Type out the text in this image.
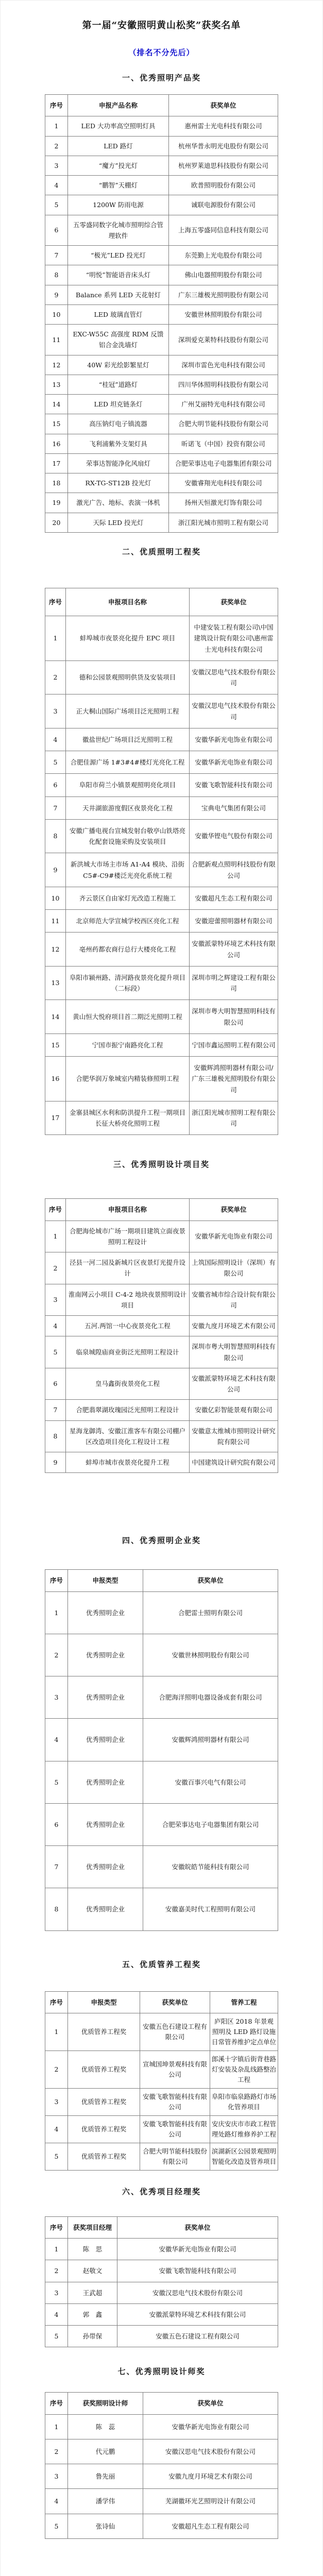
第一届“安徽照明黄山松奖”获奖名单

（排名不分先后）

一、优秀照明产品奖
序号	申报产品名称	获奖单位
1	LED 大功率高空照明灯具	惠州雷士光电科技有限公司
2	LED 路灯	杭州华普永明光电股份有限公司
3	“魔方”投光灯	杭州罗莱迪思科技股份有限公司
4	“鹏智”天棚灯	欧普照明股份有限公司
5	1200W 防雨电源	诚联电源股份有限公司
6	五零盛同数字化城市照明综合管理软件	上海五零盛同信息科技有限公司
7	“极光”LED 投光灯	东莞勤上光电股份有限公司
8	“明悦”智能语音床头灯	佛山电器照明股份有限公司
9	Balance 系列 LED 天花射灯	广东三雄极光照明股份有限公司
10	LED 玻璃直管灯	安徽世林照明股份有限公司
11	EXC-W55C 高强度 RDM 反馈铝合金洗墙灯	深圳爱克莱特科技股份有限公司
12	40W 彩光绘影繁星灯	深圳市雷色光电科技有限公司
13	“桂冠”道路灯	四川华体照明科技股份有限公司
14	LED 坦克链条灯	广州艾丽特光电科技有限公司
15	高压钠灯电子镇流器	合肥大明节能科技股份有限公司
16	飞利浦紫外支架灯具	昕诺飞（中国）投资有限公司
17	荣事达智能净化风扇灯	合肥荣事达电子电器集团有限公司
18	RX-TG-ST12B 投光灯	安徽睿翔光电科技有限公司
19	激光广告、地标、表演一体机	扬州天恒激光灯饰有限公司
20	天际 LED 投光灯	浙江阳光城市照明工程有限公司
二、优质照明工程奖
序号	申报项目名称	获奖单位
1	蚌埠城市夜景亮化提升 EPC 项目	中建安装工程有限公司\中国建筑设计院有限公司\惠州雷士光电科技有限公司
2	德和公园景观照明供货及安装项目	安徽汉思电气技术股份有限公司
3	正大桐山国际广场项目泛光照明工程	安徽汉思电气技术股份有限公司
4	徽盐世纪广场项目泛光照明工程	安徽华新光电饰业有限公司
5	合肥佳源广场 1#3#4#楼灯光亮化工程	安徽华新光电饰业有限公司
6	阜阳市荷兰小镇景观照明亮化项目	安徽飞歌智能科技有限公司
7	天井湖旅游度假区夜景亮化工程	宝典电气集团有限公司
8	安徽广播电视台宣城发射台敬亭山铁塔亮化配套设施采购及安装项目	安徽华铿电气股份有限公司
9	新洪城大市场主市场 A1-A4 模块、沿街 C5#-C9#楼泛光亮化系统工程	合肥新观点照明科技股份有限公司
10	齐云景区自由家灯光改造工程施工	安徽超凡生态工程有限公司
11	北京师范大学宣城学校西区亮化工程	安徽迎蕾照明器材有限公司
12	亳州药都农商行总行大楼亮化工程	安徽派蒙特环境艺术科技有限公司
13	阜阳市颍州路、清河路夜景亮化提升项目（二标段）	深圳市明之辉建设工程有限公司
14	黄山恒大悦府项目首二期泛光照明工程	深圳市粤大明智慧照明科技有限公司
15	宁国市振宁南路亮化工程	宁国市鑫运照明工程有限公司
16	合肥华润万象城室内精装修照明工程	安徽辉鸿照明器材有限公司/广东三雄极光照明股份有限公司
17	金寨县城区水利和防洪提升工程一期项目长征大桥亮化照明工程	浙江阳光城市照明工程有限公司
三、优秀照明设计项目奖
序号	申报项目名称	获奖单位
1	合肥海伦城市广场一期项目建筑立面夜景照明工程设计	安徽华新光电饰业有限公司
2	泾县一河二园及新城片区夜景灯光提升设计	上筑国际照明设计（深圳）有限公司
3	淮南网云小项目 C-4-2 地块夜景照明设计项目	安徽省城市综合设计院有限公司
4	五河.两馆一中心夜景亮化工程	安徽九度月环境艺术有限公司
5	临泉城隍庙商业街泛光照明工程设计	深圳市粤大明智慧照明科技有限公司
6	皇马鑫街夜景亮化工程	安徽派蒙特环境艺术科技有限公司
7	合肥翡翠湖玫瑰园泛光照明工程设计	安徽亿彩智能景观有限公司
8	星海龙御湾、安徽江淮客车有限公司棚户区改造项目亮化工程设计工程	安徽意太维城市照明设计研究院有限公司
9	蚌埠市城市夜景亮化提升工程	中国建筑设计研究院有限公司
四、优秀照明企业奖
序号	申报类型	获奖单位
1	优秀照明企业	合肥雷士照明有限公司
2	优秀照明企业	安徽世林照明股份有限公司
3	优秀照明企业	合肥海洋照明电器设备成套有限公司
4	优秀照明企业	安徽辉鸿照明器材有限公司
5	优秀照明企业	安徽百事兴电气有限公司
6	优秀照明企业	合肥荣事达电子电器集团有限公司
7	优秀照明企业	安徽皖皓节能科技有限公司
8	优秀照明企业	安徽嘉美时代工程照明有限公司
五、优质管养工程奖
序号	申报类型	获奖单位	管养工程
1	优质管养工程奖	安徽五色石建设工程有限公司	庐阳区 2018 年景观照明及 LED 路灯设施日常管养维护定点单位
2	优质管养工程奖	宣城国坤景观科技有限公司	郎溪十字镇后街背巷路灯安装及杂乱线路整治工程
3	优质管养工程奖	安徽飞歌智能科技有限公司	阜阳市临泉路路灯市场化管养项目
4	优质管养工程奖	安徽飞歌智能科技有限公司	安庆安庆市市政工程管理处路灯维修养护工程
5	优质管养工程奖	合肥大明节能科技股份有限公司	滨湖新区公园景观照明智能化改造及管养项目
六、优秀项目经理奖
序号	获奖项目经理	获奖单位
1	陈　思	安徽华新光电饰业有限公司
2	赵敬文	安徽飞歌智能科技有限公司
3	王武超	安徽汉思电气技术股份有限公司
4	郭　鑫	安徽派蒙特环境艺术科技有限公司
5	孙带保	安徽五色石建设工程有限公司
七、优秀照明设计师奖
序号	获奖照明设计师	获奖单位
1	陈　蕊	安徽华新光电饰业有限公司
2	代元鹏	安徽汉思电气技术股份有限公司
3	鲁先丽	安徽九度月环境艺术有限公司
4	潘学伟	芜湖徽环光艺照明设计有限公司
5	张诗仙	安徽超凡生态工程有限公司
